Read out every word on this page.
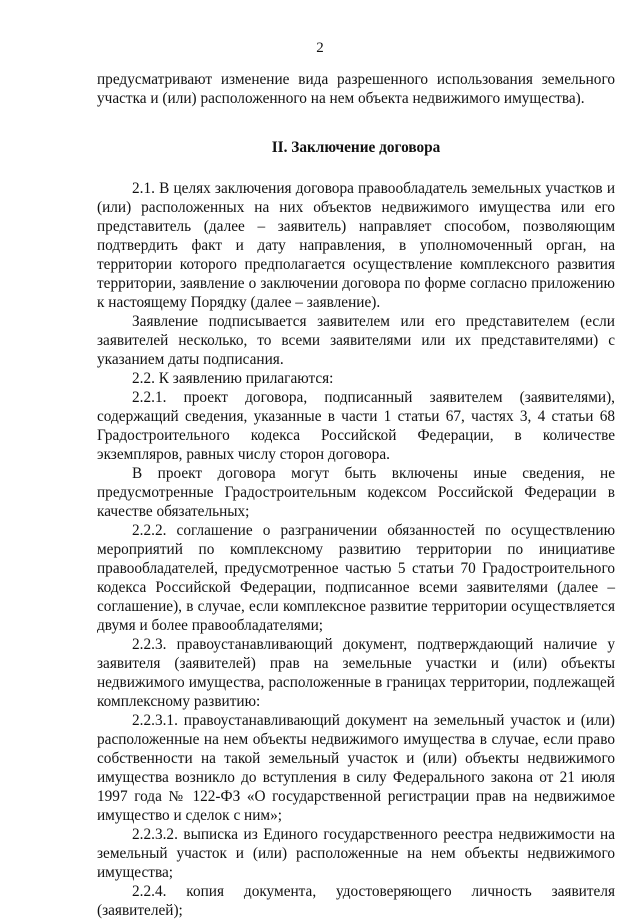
2

предусматривают изменение вида разрешенного использования земельного участка и (или) расположенного на нем объекта недвижимого имущества).

II. Заключение договора

2.1. В целях заключения договора правообладатель земельных участков и (или) расположенных на них объектов недвижимого имущества или его представитель (далее – заявитель) направляет способом, позволяющим подтвердить факт и дату направления, в уполномоченный орган, на территории которого предполагается осуществление комплексного развития территории, заявление о заключении договора по форме согласно приложению к настоящему Порядку (далее – заявление).

Заявление подписывается заявителем или его представителем (если заявителей несколько, то всеми заявителями или их представителями) с указанием даты подписания.

2.2. К заявлению прилагаются:

2.2.1. проект договора, подписанный заявителем (заявителями), содержащий сведения, указанные в части 1 статьи 67, частях 3, 4 статьи 68 Градостроительного кодекса Российской Федерации, в количестве экземпляров, равных числу сторон договора.

В проект договора могут быть включены иные сведения, не предусмотренные Градостроительным кодексом Российской Федерации в качестве обязательных;

2.2.2. соглашение о разграничении обязанностей по осуществлению мероприятий по комплексному развитию территории по инициативе правообладателей, предусмотренное частью 5 статьи 70 Градостроительного кодекса Российской Федерации, подписанное всеми заявителями (далее – соглашение), в случае, если комплексное развитие территории осуществляется двумя и более правообладателями;

2.2.3. правоустанавливающий документ, подтверждающий наличие у заявителя (заявителей) прав на земельные участки и (или) объекты недвижимого имущества, расположенные в границах территории, подлежащей комплексному развитию:

2.2.3.1. правоустанавливающий документ на земельный участок и (или) расположенные на нем объекты недвижимого имущества в случае, если право собственности на такой земельный участок и (или) объекты недвижимого имущества возникло до вступления в силу Федерального закона от 21 июля 1997 года № 122-ФЗ «О государственной регистрации прав на недвижимое имущество и сделок с ним»;

2.2.3.2. выписка из Единого государственного реестра недвижимости на земельный участок и (или) расположенные на нем объекты недвижимого имущества;

2.2.4. копия документа, удостоверяющего личность заявителя (заявителей);
